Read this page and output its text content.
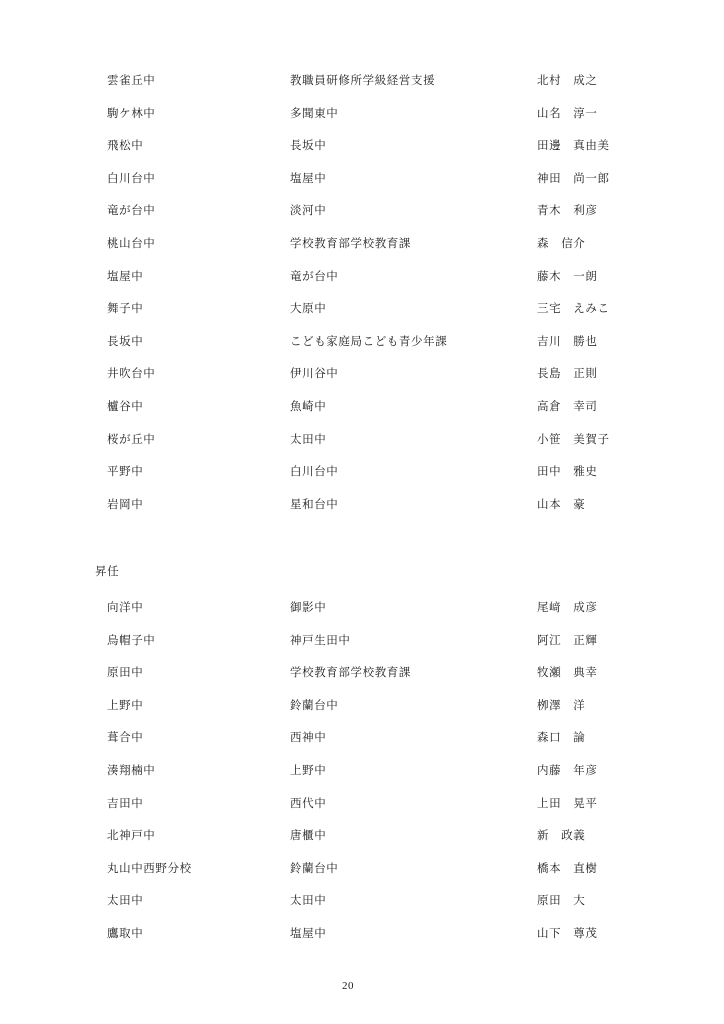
雲雀丘中	教職員研修所学級経営支援	北村　成之
駒ケ林中	多聞東中	山名　淳一
飛松中	長坂中	田邊　真由美
白川台中	塩屋中	神田　尚一郎
竜が台中	淡河中	青木　利彦
桃山台中	学校教育部学校教育課	森　信介
塩屋中	竜が台中	藤木　一朗
舞子中	大原中	三宅　えみこ
長坂中	こども家庭局こども青少年課	吉川　勝也
井吹台中	伊川谷中	長島　正則
櫨谷中	魚崎中	高倉　幸司
桜が丘中	太田中	小笹　美賀子
平野中	白川台中	田中　雅史
岩岡中	星和台中	山本　豪
昇任
向洋中	御影中	尾﨑　成彦
烏帽子中	神戸生田中	阿江　正輝
原田中	学校教育部学校教育課	牧瀬　典幸
上野中	鈴蘭台中	栁澤　洋
葺合中	西神中	森口　論
湊翔楠中	上野中	内藤　年彦
吉田中	西代中	上田　晃平
北神戸中	唐櫃中	新　政義
丸山中西野分校	鈴蘭台中	橋本　直樹
太田中	太田中	原田　大
鷹取中	塩屋中	山下　尊茂
20
